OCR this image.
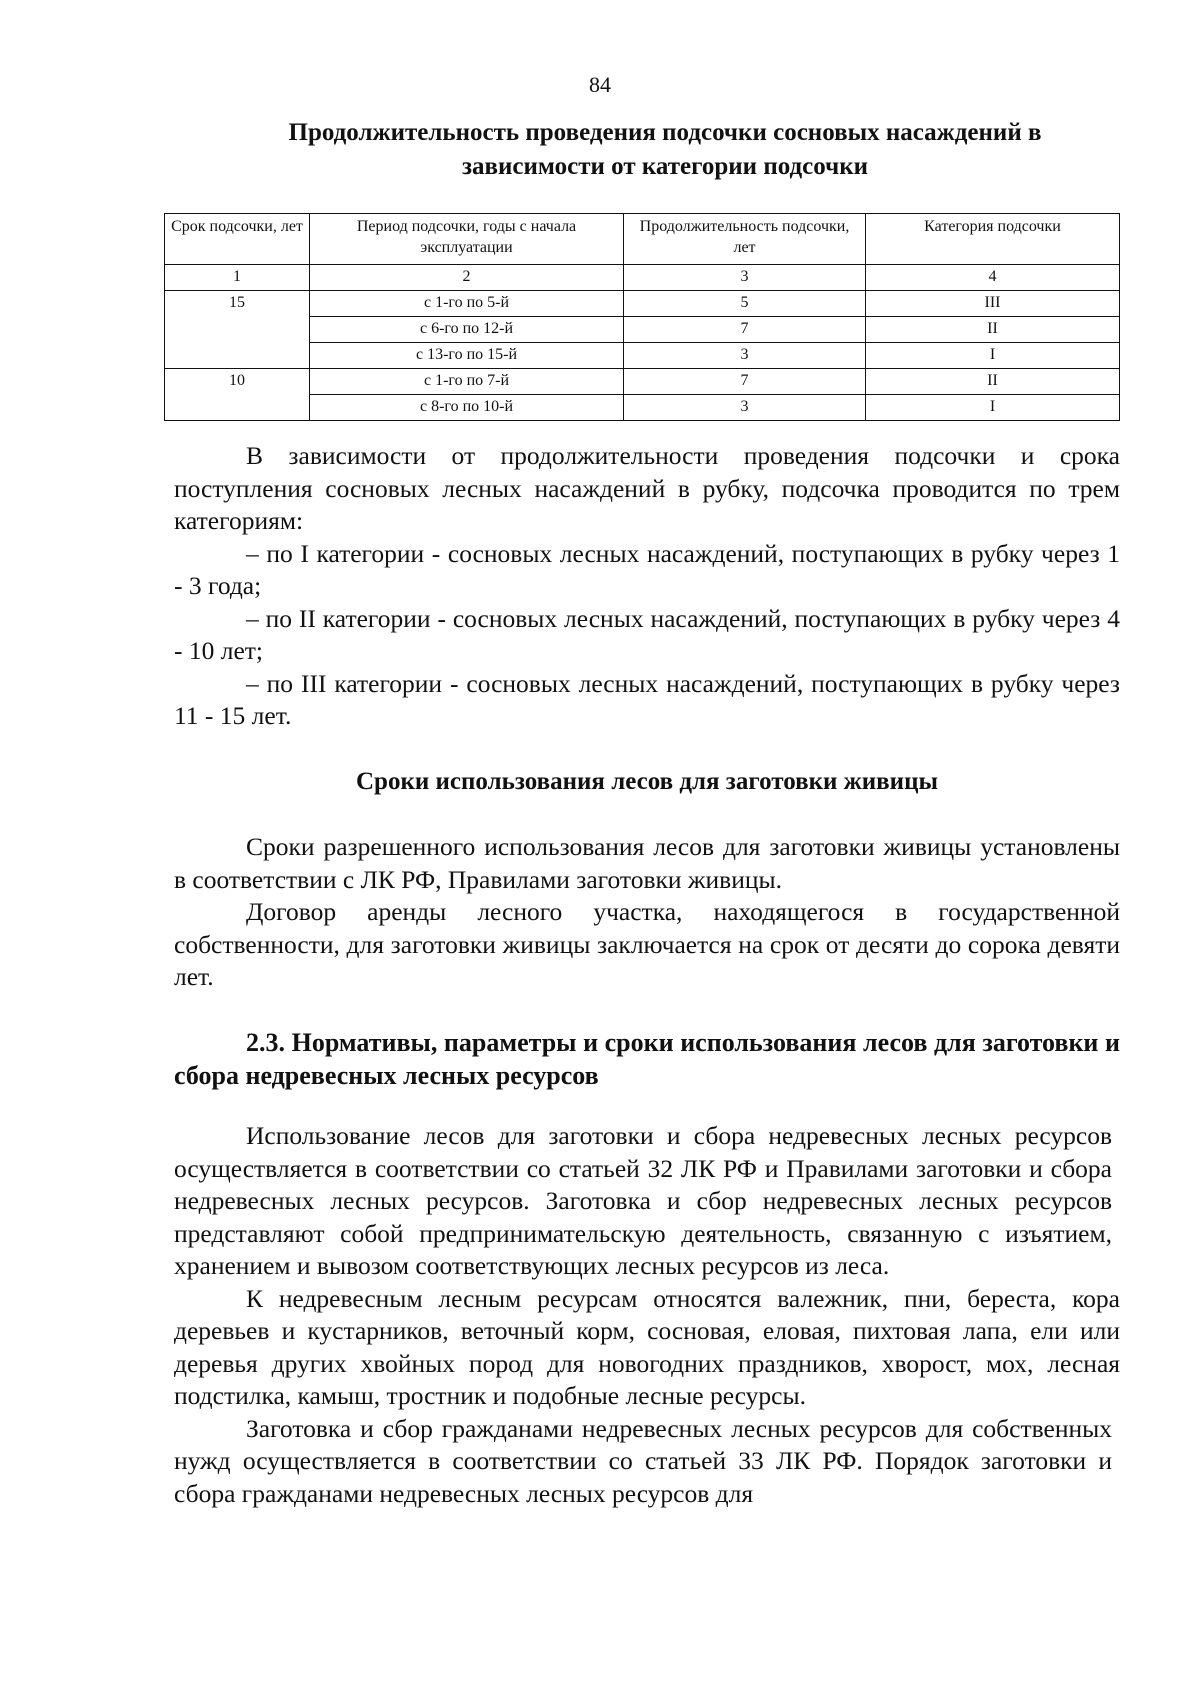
84
Продолжительность проведения подсочки сосновых насаждений в зависимости от категории подсочки
Срок подсочки, лет	Период подсочки, годы с начала эксплуатации	Продолжительность подсочки, лет	Категория подсочки
1	2	3	4
15	с 1-го по 5-й	5	III
	с 6-го по 12-й	7	II
	с 13-го по 15-й	3	I
10	с 1-го по 7-й	7	II
	с 8-го по 10-й	3	I

В зависимости от продолжительности проведения подсочки и срока поступления сосновых лесных насаждений в рубку, подсочка проводится по трем категориям:

– по I категории - сосновых лесных насаждений, поступающих в рубку через 1 - 3 года;

– по II категории - сосновых лесных насаждений, поступающих в рубку через 4 - 10 лет;

– по III категории - сосновых лесных насаждений, поступающих в рубку через 11 - 15 лет.

Сроки использования лесов для заготовки живицы

Сроки разрешенного использования лесов для заготовки живицы установлены в соответствии с ЛК РФ, Правилами заготовки живицы.

Договор аренды лесного участка, находящегося в государственной собственности, для заготовки живицы заключается на срок от десяти до сорока девяти лет.

2.3. Нормативы, параметры и сроки использования лесов для заготовки и сбора недревесных лесных ресурсов

Использование лесов для заготовки и сбора недревесных лесных ресурсов осуществляется в соответствии со статьей 32 ЛК РФ и Правилами заготовки и сбора недревесных лесных ресурсов. Заготовка и сбор недревесных лесных ресурсов представляют собой предпринимательскую деятельность, связанную с изъятием, хранением и вывозом соответствующих лесных ресурсов из леса.

К недревесным лесным ресурсам относятся валежник, пни, береста, кора деревьев и кустарников, веточный корм, сосновая, еловая, пихтовая лапа, ели или деревья других хвойных пород для новогодних праздников, хворост, мох, лесная подстилка, камыш, тростник и подобные лесные ресурсы.

Заготовка и сбор гражданами недревесных лесных ресурсов для собственных нужд осуществляется в соответствии со статьей 33 ЛК РФ. Порядок заготовки и сбора гражданами недревесных лесных ресурсов для
